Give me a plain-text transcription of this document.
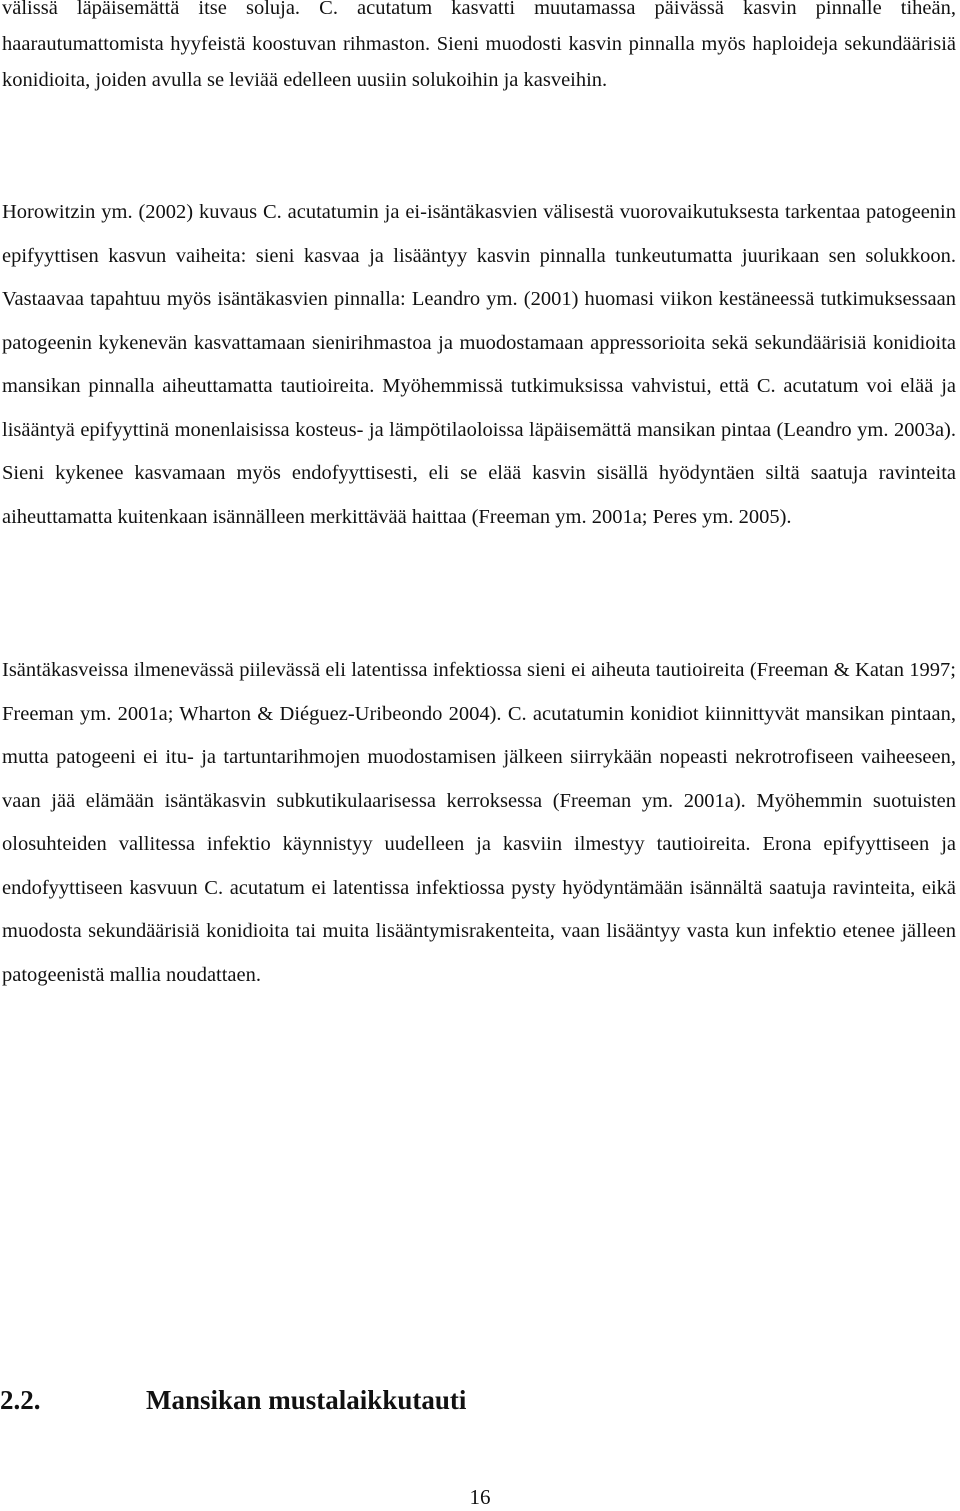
välissä läpäisemättä itse soluja. C. acutatum kasvatti muutamassa päivässä kasvin pinnalle tiheän, haarautumattomista hyyfeistä koostuvan rihmaston. Sieni muodosti kasvin pinnalla myös haploideja sekundäärisiä konidioita, joiden avulla se leviää edelleen uusiin solukoihin ja kasveihin.

Horowitzin ym. (2002) kuvaus C. acutatumin ja ei-isäntäkasvien välisestä vuorovaikutuksesta tarkentaa patogeenin epifyyttisen kasvun vaiheita: sieni kasvaa ja lisääntyy kasvin pinnalla tunkeutumatta juurikaan sen solukkoon. Vastaavaa tapahtuu myös isäntäkasvien pinnalla: Leandro ym. (2001) huomasi viikon kestäneessä tutkimuksessaan patogeenin kykenevän kasvattamaan sienirihmastoa ja muodostamaan appressorioita sekä sekundäärisiä konidioita mansikan pinnalla aiheuttamatta tautioireita. Myöhemmissä tutkimuksissa vahvistui, että C. acutatum voi elää ja lisääntyä epifyyttinä monenlaisissa kosteus- ja lämpötilaoloissa läpäisemättä mansikan pintaa (Leandro ym. 2003a). Sieni kykenee kasvamaan myös endofyyttisesti, eli se elää kasvin sisällä hyödyntäen siltä saatuja ravinteita aiheuttamatta kuitenkaan isännälleen merkittävää haittaa (Freeman ym. 2001a; Peres ym. 2005).

Isäntäkasveissa ilmenevässä piilevässä eli latentissa infektiossa sieni ei aiheuta tautioireita (Freeman & Katan 1997; Freeman ym. 2001a; Wharton & Diéguez-Uribeondo 2004). C. acutatumin konidiot kiinnittyvät mansikan pintaan, mutta patogeeni ei itu- ja tartuntarihmojen muodostamisen jälkeen siirrykään nopeasti nekrotrofiseen vaiheeseen, vaan jää elämään isäntäkasvin subkutikulaarisessa kerroksessa (Freeman ym. 2001a). Myöhemmin suotuisten olosuhteiden vallitessa infektio käynnistyy uudelleen ja kasviin ilmestyy tautioireita. Erona epifyyttiseen ja endofyyttiseen kasvuun C. acutatum ei latentissa infektiossa pysty hyödyntämään isännältä saatuja ravinteita, eikä muodosta sekundäärisiä konidioita tai muita lisääntymisrakenteita, vaan lisääntyy vasta kun infektio etenee jälleen patogeenistä mallia noudattaen.

2.2.	Mansikan mustalaikkutauti
16
